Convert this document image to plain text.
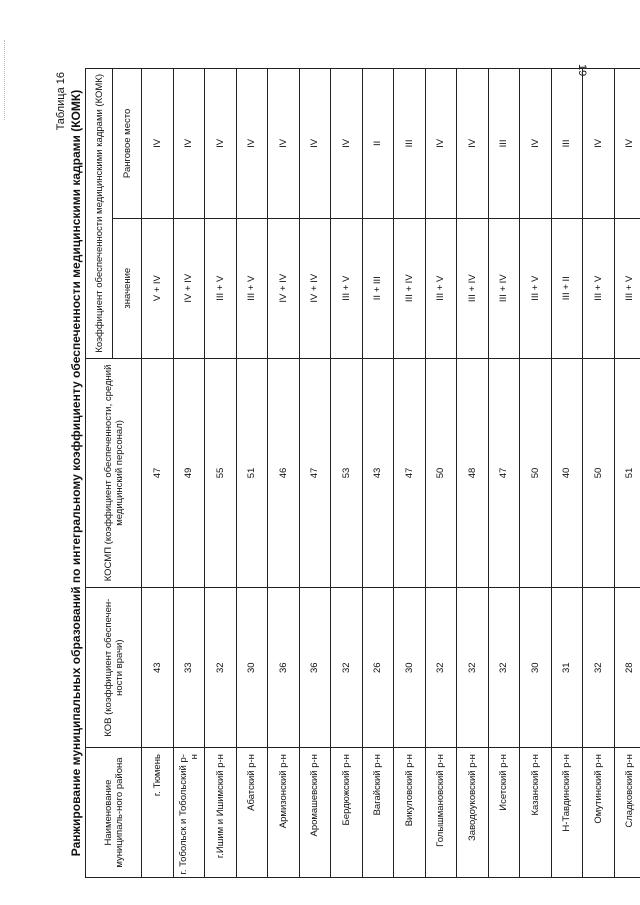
19
Таблица 16 Ранжирование муниципальных образований по интегральному коэффициенту обеспеченности медицинскими кадрами (КОМК) Наименование муниципаль-ного района	КОВ (коэффициент обеспечен-ности врачи)	КОСМП (коэффициент обеспеченности, средний медицинский персонал)	Коэффициент обеспеченности медицинскими кадрами (КОМК)	
			значение	Ранговое место
г. Тюмень	43	47	V + IV	IV
г. Тобольск и Тобольский р-н	33	49	IV + IV	IV
г.Ишим и Ишимский р-н	32	55	III + V	IV
Абатский р-н	30	51	III + V	IV
Армизонский р-н	36	46	IV + IV	IV
Аромашевский р-н	36	47	IV + IV	IV
Бердюжский р-н	32	53	III + V	IV
Вагайский р-н	26	43	II + III	II
Викуловский р-н	30	47	III + IV	III
Голышмановский р-н	32	50	III + V	IV
Заводоуковский р-н	32	48	III + IV	IV
Исетский р-н	32	47	III + IV	III
Казанский р-н	30	50	III + V	IV
Н-Тавдинский р-н	31	40	III + II	III
Омутинский р-н	32	50	III + V	IV
Сладковский р-н	28	51	III + V	IV
